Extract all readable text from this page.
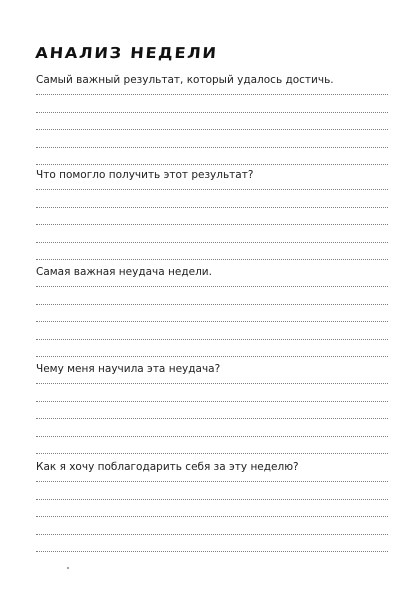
АНАЛИЗ НЕДЕЛИ
Самый важный результат, который удалось достичь.
Что помогло получить этот результат?
Самая важная неудача недели.
Чему меня научила эта неудача?
Как я хочу поблагодарить себя за эту неделю?
